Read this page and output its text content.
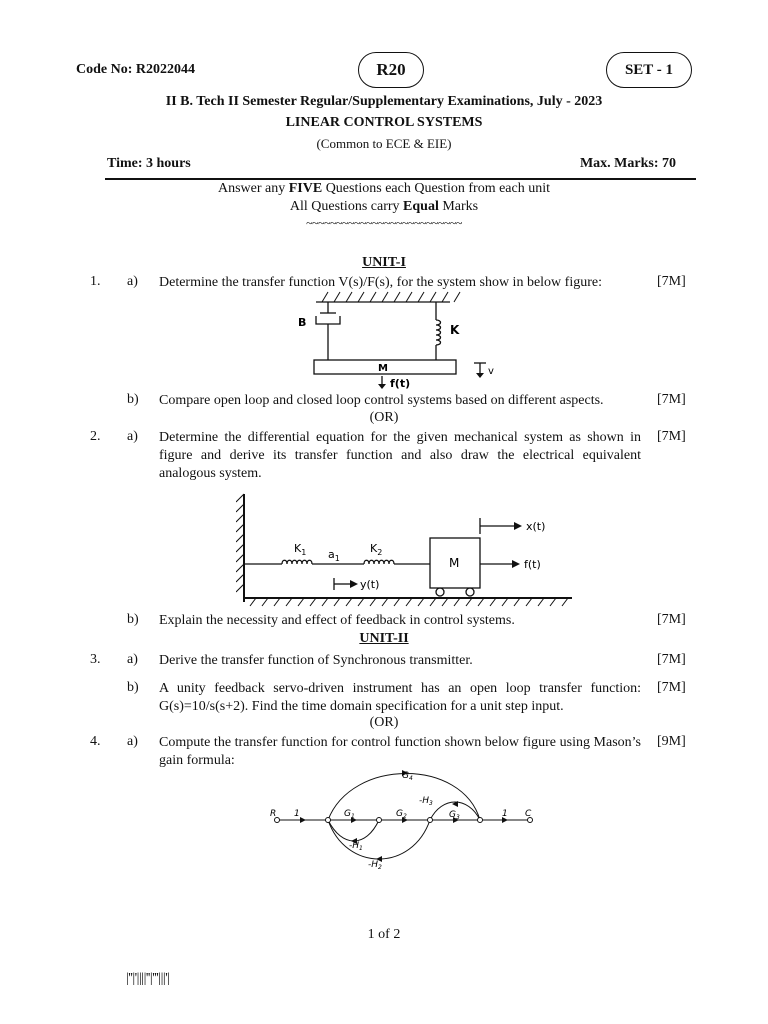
Code No: R2022044	R20	SET - 1
II B. Tech II Semester Regular/Supplementary Examinations, July - 2023
LINEAR CONTROL SYSTEMS
(Common to ECE & EIE)
Time: 3 hours	Max. Marks: 70
Answer any FIVE Questions each Question from each unit
All Questions carry Equal Marks
~~~~~~~~~~~~~~~~~~~~~~~~~~
UNIT-I
1. a) Determine the transfer function V(s)/F(s), for the system show in below figure:	[7M]
B
K
M
f(t)
v
b) Compare open loop and closed loop control systems based on different aspects.	[7M]
(OR)
2. a) Determine the differential equation for the given mechanical system as shown in figure and derive its transfer function and also draw the electrical equivalent analogous system.
[7M]
$K_1$ $a_1$
$K_2$
M
x(t)
f(t)
y(t)
b) Explain the necessity and effect of feedback in control systems.	[7M]
UNIT-II
3. a) Derive the transfer function of Synchronous transmitter.	[7M]
b) A unity feedback servo-driven instrument has an open loop transfer function: G(s)=10/s(s+2). Find the time domain specification for a unit step input.
[7M]
(OR)
4. a) Compute the transfer function for control function shown below figure using Mason’s gain formula:
[9M]
R	C
1	1
$G_1$	$G_2$	$G_3$
$G_4$
$-H_3$
$-H_1$
$-H_2$
1 of 2
|''|'||||''|'''|||'|
